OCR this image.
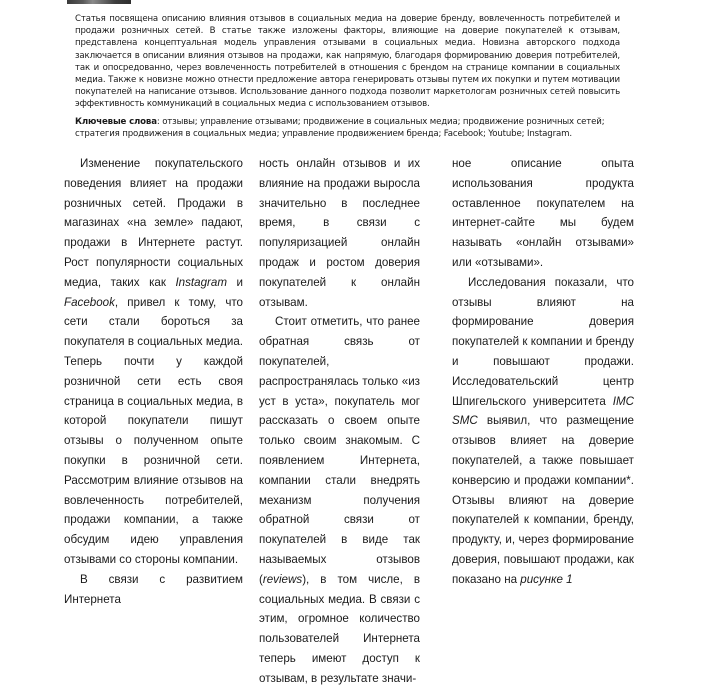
Статья посвящена описанию влияния отзывов в социальных медиа на доверие бренду, вовлеченность потребителей и продажи розничных сетей. В статье также изложены факторы, влияющие на доверие покупателей к отзывам, представлена концептуальная модель управления отзывами в социальных медиа. Новизна авторского подхода заключается в описании влияния отзывов на продажи, как напрямую, благодаря формированию доверия потребителей, так и опосредованно, через вовлеченность потребителей в отношения с брендом на странице компании в социальных медиа. Также к новизне можно отнести предложение автора генерировать отзывы путем их покупки и путем мотивации покупателей на написание отзывов. Использование данного подхода позволит маркетологам розничных сетей повысить эффективность коммуникаций в социальных медиа с использованием отзывов.
Ключевые слова: отзывы; управление отзывами; продвижение в социальных медиа; продвижение розничных сетей; стратегия продвижения в социальных медиа; управление продвижением бренда; Facebook; Youtube; Instagram.

Изменение покупательского поведения влияет на продажи розничных сетей. Продажи в магазинах «на земле» падают, продажи в Интернете растут. Рост популярности социальных медиа, таких как Instagram и Facebook, привел к тому, что сети стали бороться за покупателя в социальных медиа. Теперь почти у каждой розничной сети есть своя страница в социальных медиа, в которой покупатели пишут отзывы о полученном опыте покупки в розничной сети. Рассмотрим влияние отзывов на вовлеченность потребителей, продажи компании, а также обсудим идею управления отзывами со стороны компании.

В связи с развитием Интернета

ность онлайн отзывов и их влияние на продажи выросла значительно в последнее время, в связи с популяризацией онлайн продаж и ростом доверия покупателей к онлайн отзывам.

Стоит отметить, что ранее обратная связь от покупателей, распространялась только «из уст в уста», покупатель мог рассказать о своем опыте только своим знакомым. С появлением Интернета, компании стали внедрять механизм получения обратной связи от покупателей в виде так называемых отзывов (reviews), в том числе, в социальных медиа. В связи с этим, огромное количество пользователей Интернета теперь имеют доступ к отзывам, в результате значи-

ное описание опыта использования продукта оставленное покупателем на интернет-сайте мы будем называть «онлайн отзывами» или «отзывами».

Исследования показали, что отзывы влияют на формирование доверия покупателей к компании и бренду и повышают продажи. Исследовательский центр Шпигельского университета IMC SMC выявил, что размещение отзывов влияет на доверие покупателей, а также повышает конверсию и продажи компании*. Отзывы влияют на доверие покупателей к компании, бренду, продукту, и, через формирование доверия, повышают продажи, как показано на рисунке 1
